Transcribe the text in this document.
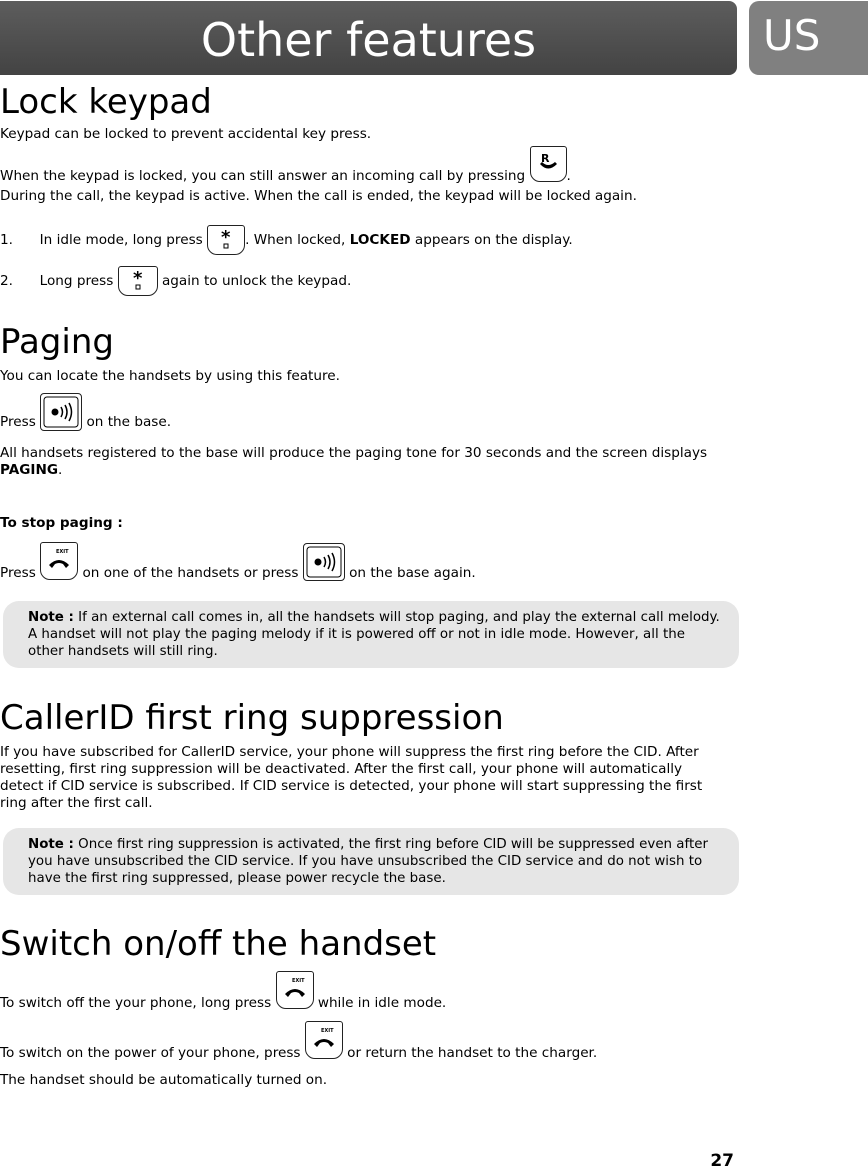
Other features	US
Lock keypad
Keypad can be locked to prevent accidental key press.
When the keypad is locked, you can still answer an incoming call by pressing
R
.
During the call, the keypad is active. When the call is ended, the keypad will be locked again.
1. In idle mode, long press * . When locked, LOCKED appears on the display.
2. Long press * again to unlock the keypad.
Paging
You can locate the handsets by using this feature.
Press	on the base.
All handsets registered to the base will produce the paging tone for 30 seconds and the screen displays PAGING.
To stop paging :
Press
EXIT
on one of the handsets or press	on the base again.
Note : If an external call comes in, all the handsets will stop paging, and play the external call melody. A handset will not play the paging melody if it is powered off or not in idle mode. However, all the other handsets will still ring.
CallerID first ring suppression
If you have subscribed for CallerID service, your phone will suppress the first ring before the CID. After resetting, first ring suppression will be deactivated. After the first call, your phone will automatically detect if CID service is subscribed. If CID service is detected, your phone will start suppressing the first ring after the first call.
Note : Once first ring suppression is activated, the first ring before CID will be suppressed even after you have unsubscribed the CID service. If you have unsubscribed the CID service and do not wish to have the first ring suppressed, please power recycle the base.
Switch on/off the handset
To switch off the your phone, long press
EXIT
while in idle mode.
To switch on the power of your phone, press
EXIT
or return the handset to the charger.
The handset should be automatically turned on.
27
